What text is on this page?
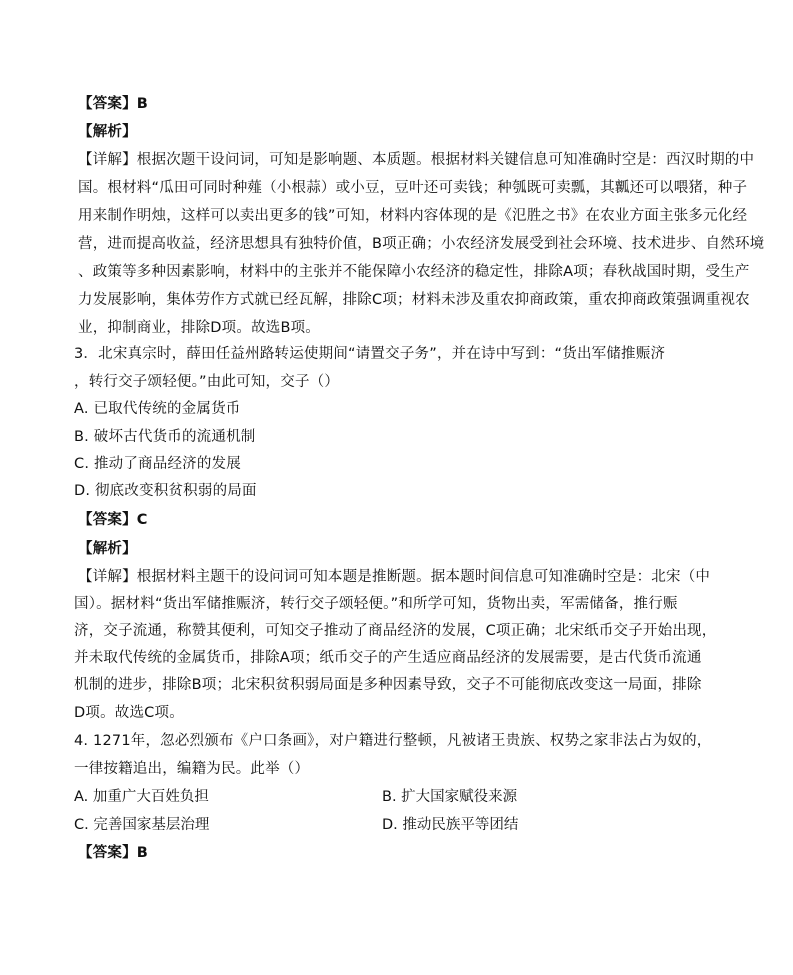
【答案】B
【解析】
【详解】根据次题干设问词，可知是影响题、本质题。根据材料关键信息可知准确时空是：西汉时期的中
国。根材料“瓜田可同时种薤（小根蒜）或小豆，豆叶还可卖钱；种瓠既可卖瓢，其瓤还可以喂猪，种子
用来制作明烛，这样可以卖出更多的钱”可知，材料内容体现的是《氾胜之书》在农业方面主张多元化经
营，进而提高收益，经济思想具有独特价值，B项正确；小农经济发展受到社会环境、技术进步、自然环境
、政策等多种因素影响，材料中的主张并不能保障小农经济的稳定性，排除A项；春秋战国时期，受生产
力发展影响，集体劳作方式就已经瓦解，排除C项；材料未涉及重农抑商政策，重农抑商政策强调重视农
业，抑制商业，排除D项。故选B项。
3．北宋真宗时，薛田任益州路转运使期间“请置交子务”，并在诗中写到：“货出军储推赈济
，转行交子颂轻便。”由此可知，交子（）
A. 已取代传统的金属货币
B. 破坏古代货币的流通机制
C. 推动了商品经济的发展
D. 彻底改变积贫积弱的局面
【答案】C
【解析】
【详解】根据材料主题干的设问词可知本题是推断题。据本题时间信息可知准确时空是：北宋（中
国）。据材料“货出军储推赈济，转行交子颂轻便。”和所学可知，货物出卖，军需储备，推行赈
济，交子流通，称赞其便利，可知交子推动了商品经济的发展，C项正确；北宋纸币交子开始出现，
并未取代传统的金属货币，排除A项；纸币交子的产生适应商品经济的发展需要，是古代货币流通
机制的进步，排除B项；北宋积贫积弱局面是多种因素导致，交子不可能彻底改变这一局面，排除
D项。故选C项。
4. 1271年，忽必烈颁布《户口条画》，对户籍进行整顿，凡被诸王贵族、权势之家非法占为奴的，
一律按籍追出，编籍为民。此举（）
A. 加重广大百姓负担	B. 扩大国家赋役来源
C. 完善国家基层治理	D. 推动民族平等团结
【答案】B
